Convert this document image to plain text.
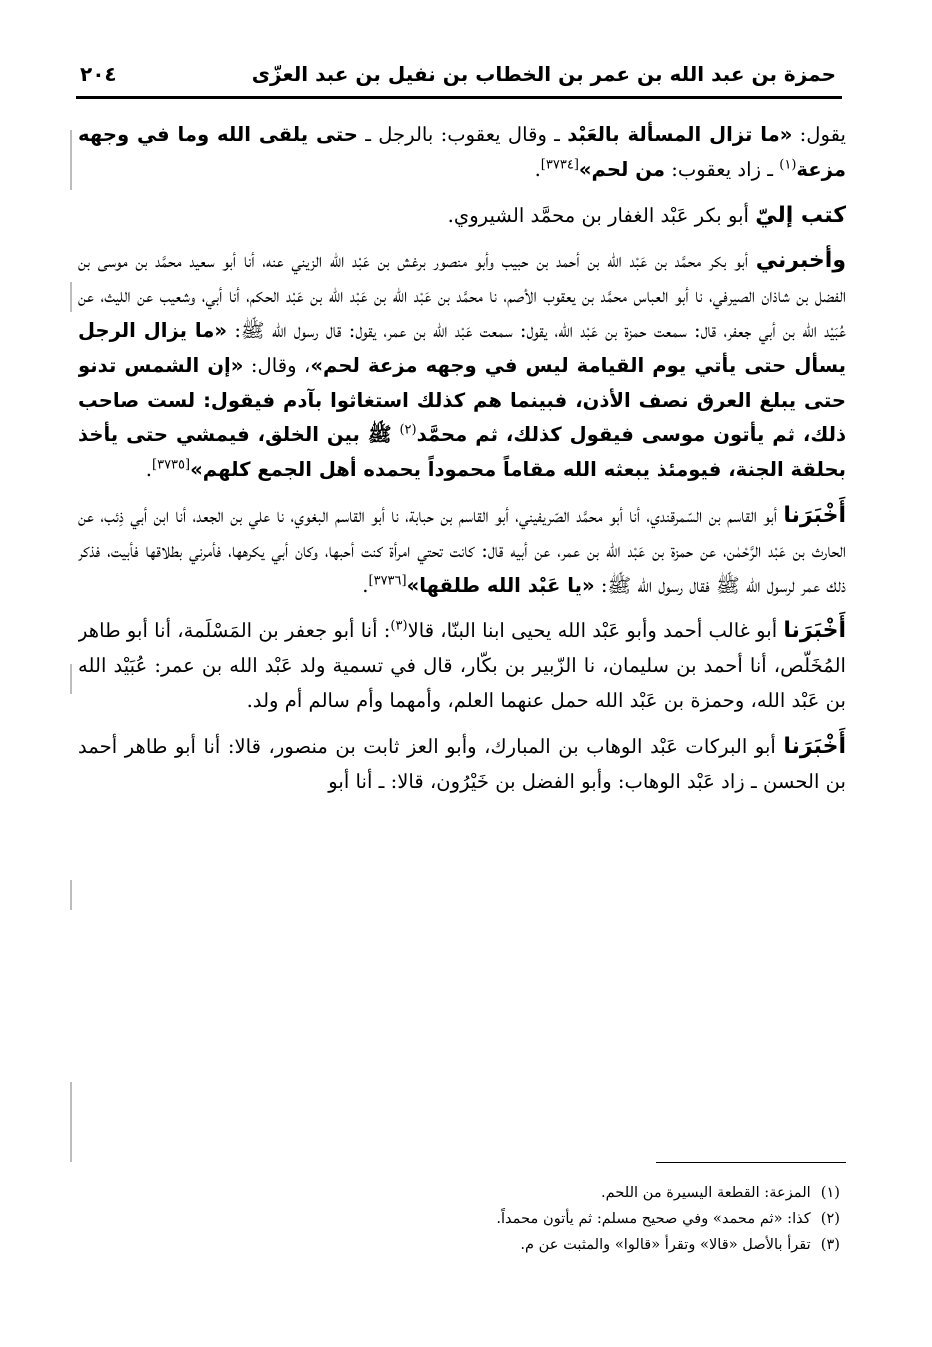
حمزة بن عبد الله بن عمر بن الخطاب بن نفيل بن عبد العزّى
٢٠٤

يقول: «ما تزال المسألة بالعَبْد ـ وقال يعقوب: بالرجل ـ حتى يلقى الله وما في وجهه مزعة$^{(١)}$ ـ زاد يعقوب: من لحم»[٣٧٣٤].

كتب إليّ أبو بكر عَبْد الغفار بن محمَّد الشيروي.

وأخبرني أبو بكر محمَّد بن عَبْد الله بن أحمد بن حبيب وأبو منصور برغش بن عَبْد الله الزيني عنه، أنا أبو سعيد محمَّد بن موسى بن الفضل بن شاذان الصيرفي، نا أبو العباس محمَّد بن يعقوب الأصم، نا محمَّد بن عَبْد الله بن عَبْد الله بن عَبْد الحكم، أنا أبي، وشعيب عن الليث، عن عُبَيْد الله بن أبي جعفر، قال: سمعت حمزة بن عَبْد الله، يقول: سمعت عَبْد الله بن عمر، يقول: قال رسول الله ﷺ: «ما يزال الرجل يسأل حتى يأتي يوم القيامة ليس في وجهه مزعة لحم»، وقال: «إن الشمس تدنو حتى يبلغ العرق نصف الأذن، فبينما هم كذلك استغاثوا بآدم فيقول: لست صاحب ذلك، ثم يأتون موسى فيقول كذلك، ثم محمَّد$^{(٢)}$ ﷺ بين الخلق، فيمشي حتى يأخذ بحلقة الجنة، فيومئذ يبعثه الله مقاماً محموداً يحمده أهل الجمع كلهم»[٣٧٣٥].

أَخْبَرَنا أبو القاسم بن السّمرقندي، أنا أبو محمَّد الصّريفيني، أبو القاسم بن حبابة، نا أبو القاسم البغوي، نا علي بن الجعد، أنا ابن أبي ذِئب، عن الحارث بن عَبْد الرَّحْمٰن، عن حمزة بن عَبْد الله بن عمر، عن أبيه قال: كانت تحتي امرأة كنت أحبها، وكان أبي يكرهها، فأمرني بطلاقها فأبيت، فذكر ذلك عمر لرسول الله ﷺ فقال رسول الله ﷺ: «يا عَبْد الله طلقها»[٣٧٣٦].

أَخْبَرَنا أبو غالب أحمد وأبو عَبْد الله يحيى ابنا البنّا، قالا$^{(٣)}$: أنا أبو جعفر بن المَسْلَمة، أنا أبو طاهر المُخَلّص، أنا أحمد بن سليمان، نا الزّبير بن بكّار، قال في تسمية ولد عَبْد الله بن عمر: عُبَيْد الله بن عَبْد الله، وحمزة بن عَبْد الله حمل عنهما العلم، وأمهما وأم سالم أم ولد.

أَخْبَرَنا أبو البركات عَبْد الوهاب بن المبارك، وأبو العز ثابت بن منصور، قالا: أنا أبو طاهر أحمد بن الحسن ـ زاد عَبْد الوهاب: وأبو الفضل بن خَيْرُون، قالا: ـ أنا أبو

(١)
المزعة: القطعة اليسيرة من اللحم.
(٢)
كذا: «ثم محمد» وفي صحيح مسلم: ثم يأتون محمداً.
(٣)
تقرأ بالأصل «قالا» وتقرأ «قالوا» والمثبت عن م.
